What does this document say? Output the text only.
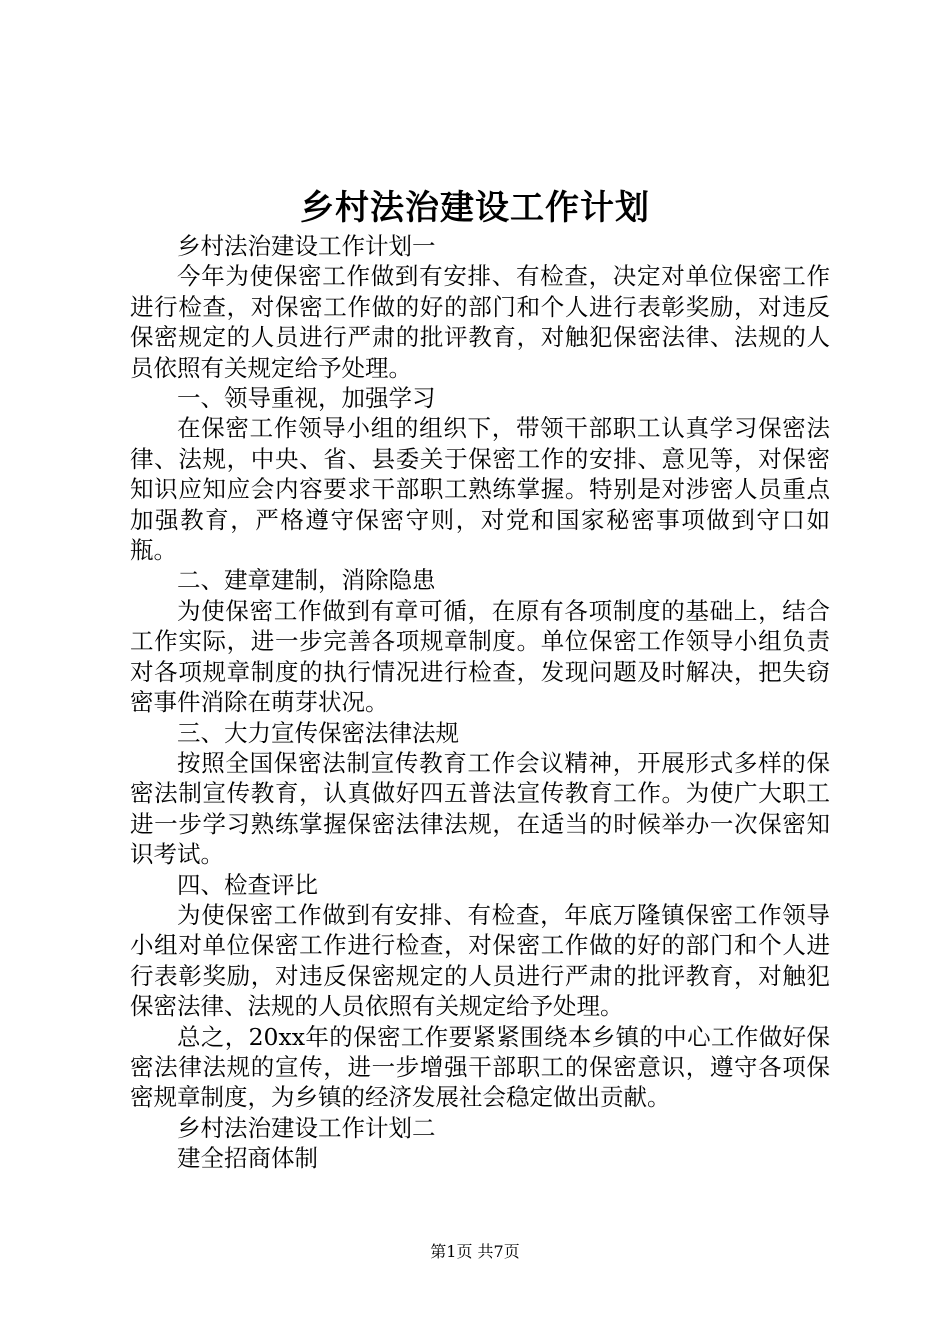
乡村法治建设工作计划

乡村法治建设工作计划一

今年为使保密工作做到有安排、有检查，决定对单位保密工作进行检查，对保密工作做的好的部门和个人进行表彰奖励，对违反保密规定的人员进行严肃的批评教育，对触犯保密法律、法规的人员依照有关规定给予处理。

一、领导重视，加强学习

在保密工作领导小组的组织下，带领干部职工认真学习保密法律、法规，中央、省、县委关于保密工作的安排、意见等，对保密知识应知应会内容要求干部职工熟练掌握。特别是对涉密人员重点加强教育，严格遵守保密守则，对党和国家秘密事项做到守口如瓶。

二、建章建制，消除隐患

为使保密工作做到有章可循，在原有各项制度的基础上，结合工作实际，进一步完善各项规章制度。单位保密工作领导小组负责对各项规章制度的执行情况进行检查，发现问题及时解决，把失窃密事件消除在萌芽状况。

三、大力宣传保密法律法规

按照全国保密法制宣传教育工作会议精神，开展形式多样的保密法制宣传教育，认真做好四五普法宣传教育工作。为使广大职工进一步学习熟练掌握保密法律法规，在适当的时候举办一次保密知识考试。

四、检查评比

为使保密工作做到有安排、有检查，年底万隆镇保密工作领导小组对单位保密工作进行检查，对保密工作做的好的部门和个人进行表彰奖励，对违反保密规定的人员进行严肃的批评教育，对触犯保密法律、法规的人员依照有关规定给予处理。

总之，20xx年的保密工作要紧紧围绕本乡镇的中心工作做好保密法律法规的宣传，进一步增强干部职工的保密意识，遵守各项保密规章制度，为乡镇的经济发展社会稳定做出贡献。

乡村法治建设工作计划二

建全招商体制

第1页 共7页
